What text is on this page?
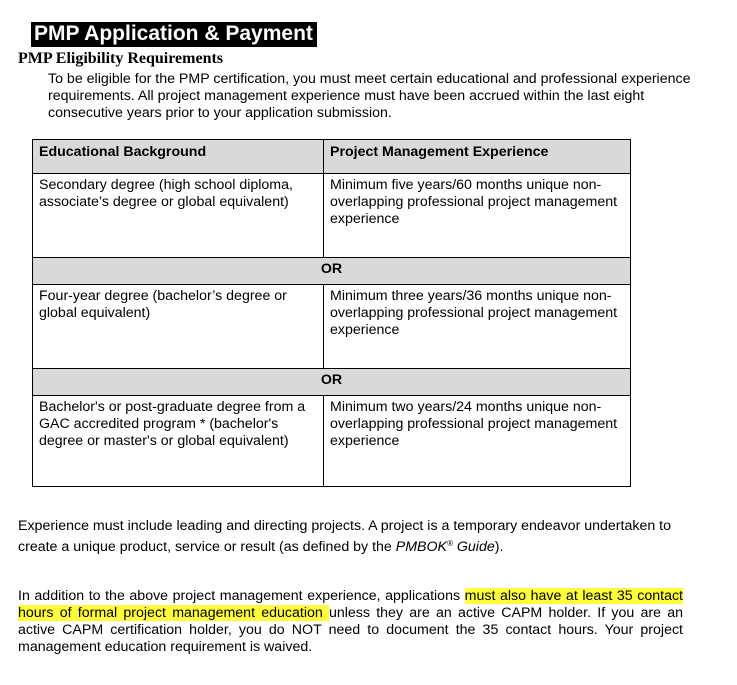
PMP Application & Payment
PMP Eligibility Requirements
To be eligible for the PMP certification, you must meet certain educational and professional experience requirements. All project management experience must have been accrued within the last eight consecutive years prior to your application submission.
Educational Background	Project Management Experience
Secondary degree (high school diploma, associate’s degree or global equivalent)	Minimum five years/60 months unique non-overlapping professional project management experience
OR	
Four-year degree (bachelor’s degree or global equivalent)	Minimum three years/36 months unique non-overlapping professional project management experience
OR	
Bachelor's or post-graduate degree from a GAC accredited program * (bachelor's degree or master's or global equivalent)	Minimum two years/24 months unique non-overlapping professional project management experience
Experience must include leading and directing projects. A project is a temporary endeavor undertaken to create a unique product, service or result (as defined by the PMBOK® Guide).
In addition to the above project management experience, applications must also have at least 35 contact hours of formal project management education unless they are an active CAPM holder. If you are an active CAPM certification holder, you do NOT need to document the 35 contact hours. Your project management education requirement is waived.
